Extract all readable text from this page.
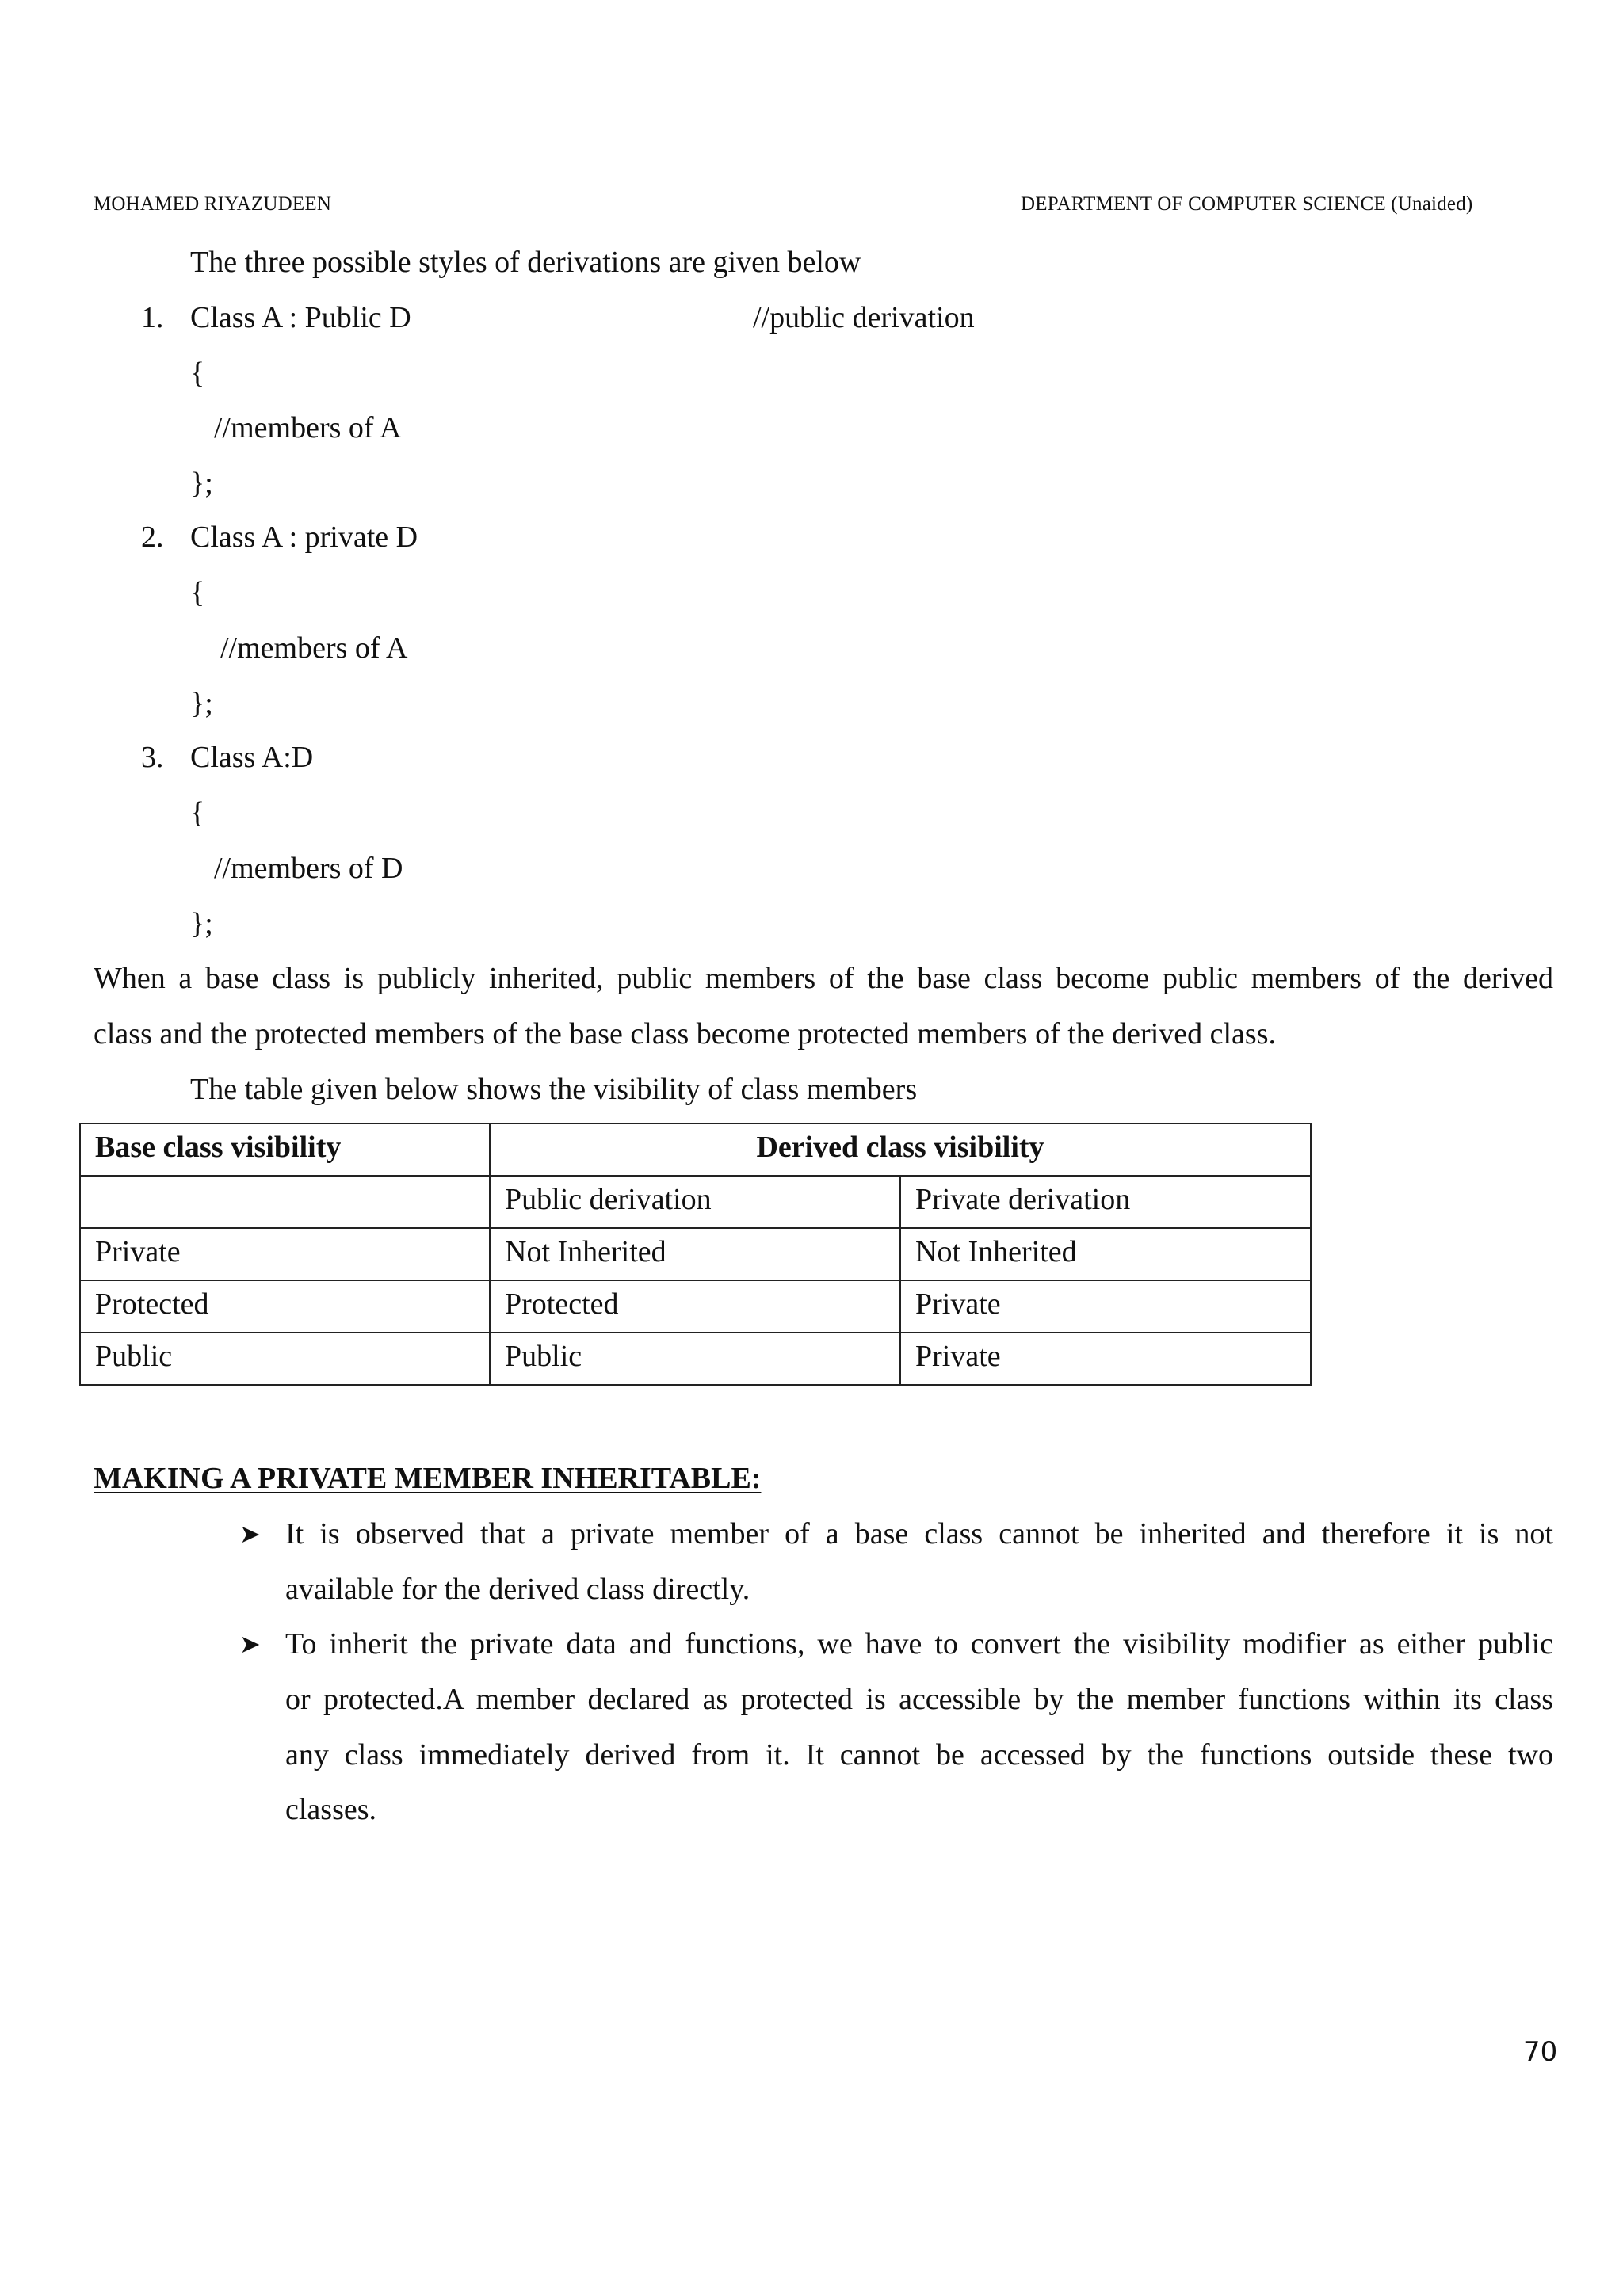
MOHAMED RIYAZUDEEN	DEPARTMENT OF COMPUTER SCIENCE (Unaided)
The three possible styles of derivations are given below
1. Class A : Public D	//public derivation
{
//members of A
};
2. Class A : private D
{
//members of A
};
3. Class A:D
{
//members of D
};
When a base class is publicly inherited, public members of the base class become public members of the derived
class and the protected members of the base class become protected members of the derived class.
The table given below shows the visibility of class members
Base class visibility	Derived class visibility	
	Public derivation	Private derivation
Private	Not Inherited	Not Inherited
Protected	Protected	Private
Public	Public	Private
MAKING A PRIVATE MEMBER INHERITABLE:
➤ It is observed that a private member of a base class cannot be inherited and therefore it is not
available for the derived class directly.
➤ To inherit the private data and functions, we have to convert the visibility modifier as either public
or protected.A member declared as protected is accessible by the member functions within its class
any class immediately derived from it. It cannot be accessed by the functions outside these two
classes.
70
